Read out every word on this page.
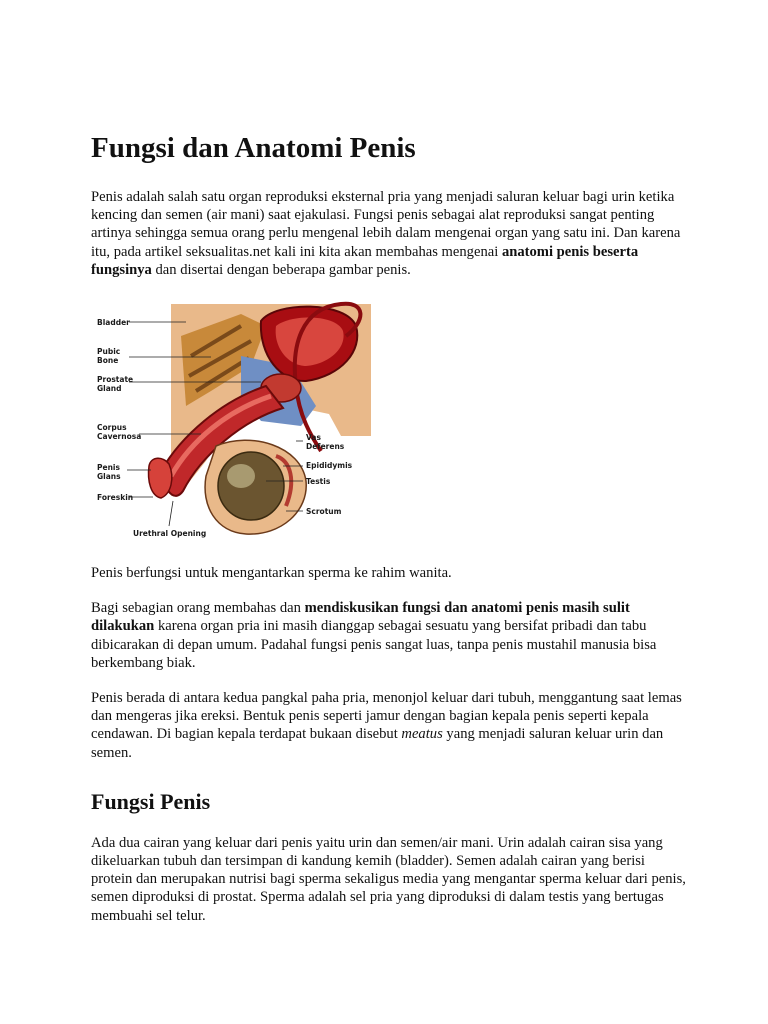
Fungsi dan Anatomi Penis

Penis adalah salah satu organ reproduksi eksternal pria yang menjadi saluran keluar bagi urin ketika kencing dan semen (air mani) saat ejakulasi. Fungsi penis sebagai alat reproduksi sangat penting artinya sehingga semua orang perlu mengenal lebih dalam mengenai organ yang satu ini. Dan karena itu, pada artikel seksualitas.net kali ini kita akan membahas mengenai anatomi penis beserta fungsinya dan disertai dengan beberapa gambar penis.

Bladder
Pubic
Bone
Prostate
Gland
Corpus
Cavernosa
Penis
Glans
Foreskin
Urethral Opening
Vas
Deferens
Epididymis
Testis
Scrotum

Penis berfungsi untuk mengantarkan sperma ke rahim wanita.

Bagi sebagian orang membahas dan mendiskusikan fungsi dan anatomi penis masih sulit dilakukan karena organ pria ini masih dianggap sebagai sesuatu yang bersifat pribadi dan tabu dibicarakan di depan umum. Padahal fungsi penis sangat luas, tanpa penis mustahil manusia bisa berkembang biak.

Penis berada di antara kedua pangkal paha pria, menonjol keluar dari tubuh, menggantung saat lemas dan mengeras jika ereksi. Bentuk penis seperti jamur dengan bagian kepala penis seperti kepala cendawan. Di bagian kepala terdapat bukaan disebut meatus yang menjadi saluran keluar urin dan semen.

Fungsi Penis

Ada dua cairan yang keluar dari penis yaitu urin dan semen/air mani. Urin adalah cairan sisa yang dikeluarkan tubuh dan tersimpan di kandung kemih (bladder). Semen adalah cairan yang berisi protein dan merupakan nutrisi bagi sperma sekaligus media yang mengantar sperma keluar dari penis, semen diproduksi di prostat. Sperma adalah sel pria yang diproduksi di dalam testis yang bertugas membuahi sel telur.
